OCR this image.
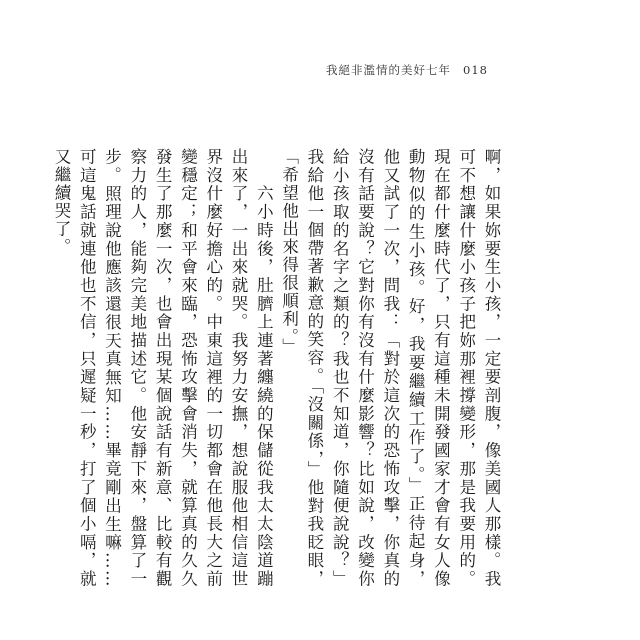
我絕非濫情的美好七年 018

啊，如果妳要生小孩，一定要剖腹，像美國人那樣。我可不想讓什麼小孩子把妳那裡撐變形，那是我要用的。現在都什麼時代了，只有這種未開發國家才會有女人像動物似的生小孩。好，我要繼續工作了。」正待起身，他又試了一次，問我：「對於這次的恐怖攻擊，你真的沒有話要說？它對你有沒有什麼影響？比如說，改變你給小孩取的名字之類的？我也不知道，你隨便說說？」我給他一個帶著歉意的笑容。「沒關係，」他對我眨眼，「希望他出來得很順利。」

　　六小時後，肚臍上連著纏繞的保儲從我太太陰道蹦出來了，一出來就哭。我努力安撫，想說服他相信這世界沒什麼好擔心的。中東這裡的一切都會在他長大之前變穩定；和平會來臨，恐怖攻擊會消失，就算真的久久發生了那麼一次，也會出現某個說話有新意、比較有觀察力的人，能夠完美地描述它。他安靜下來，盤算了一步。照理說他應該還很天真無知……畢竟剛出生嘛……可這鬼話就連他也不信，只遲疑一秒，打了個小嗝，就又繼續哭了。
